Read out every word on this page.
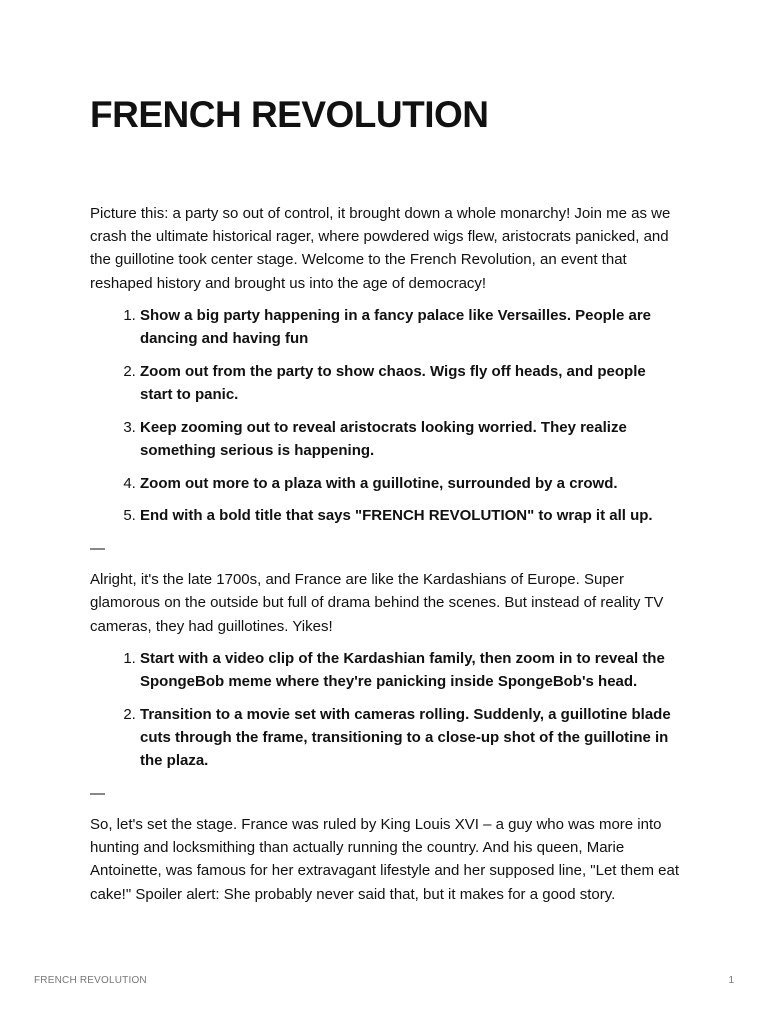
FRENCH REVOLUTION

Picture this: a party so out of control, it brought down a whole monarchy! Join me as we crash the ultimate historical rager, where powdered wigs flew, aristocrats panicked, and the guillotine took center stage. Welcome to the French Revolution, an event that reshaped history and brought us into the age of democracy!

1. Show a big party happening in a fancy palace like Versailles. People are dancing and having fun
2. Zoom out from the party to show chaos. Wigs fly off heads, and people start to panic.
3. Keep zooming out to reveal aristocrats looking worried. They realize something serious is happening.
4. Zoom out more to a plaza with a guillotine, surrounded by a crowd.
5. End with a bold title that says "FRENCH REVOLUTION" to wrap it all up.
—

Alright, it's the late 1700s, and France are like the Kardashians of Europe. Super glamorous on the outside but full of drama behind the scenes. But instead of reality TV cameras, they had guillotines. Yikes!

1. Start with a video clip of the Kardashian family, then zoom in to reveal the SpongeBob meme where they're panicking inside SpongeBob's head.
2. Transition to a movie set with cameras rolling. Suddenly, a guillotine blade cuts through the frame, transitioning to a close-up shot of the guillotine in the plaza.
—

So, let's set the stage. France was ruled by King Louis XVI – a guy who was more into hunting and locksmithing than actually running the country. And his queen, Marie Antoinette, was famous for her extravagant lifestyle and her supposed line, "Let them eat cake!" Spoiler alert: She probably never said that, but it makes for a good story.

FRENCH REVOLUTION	1
